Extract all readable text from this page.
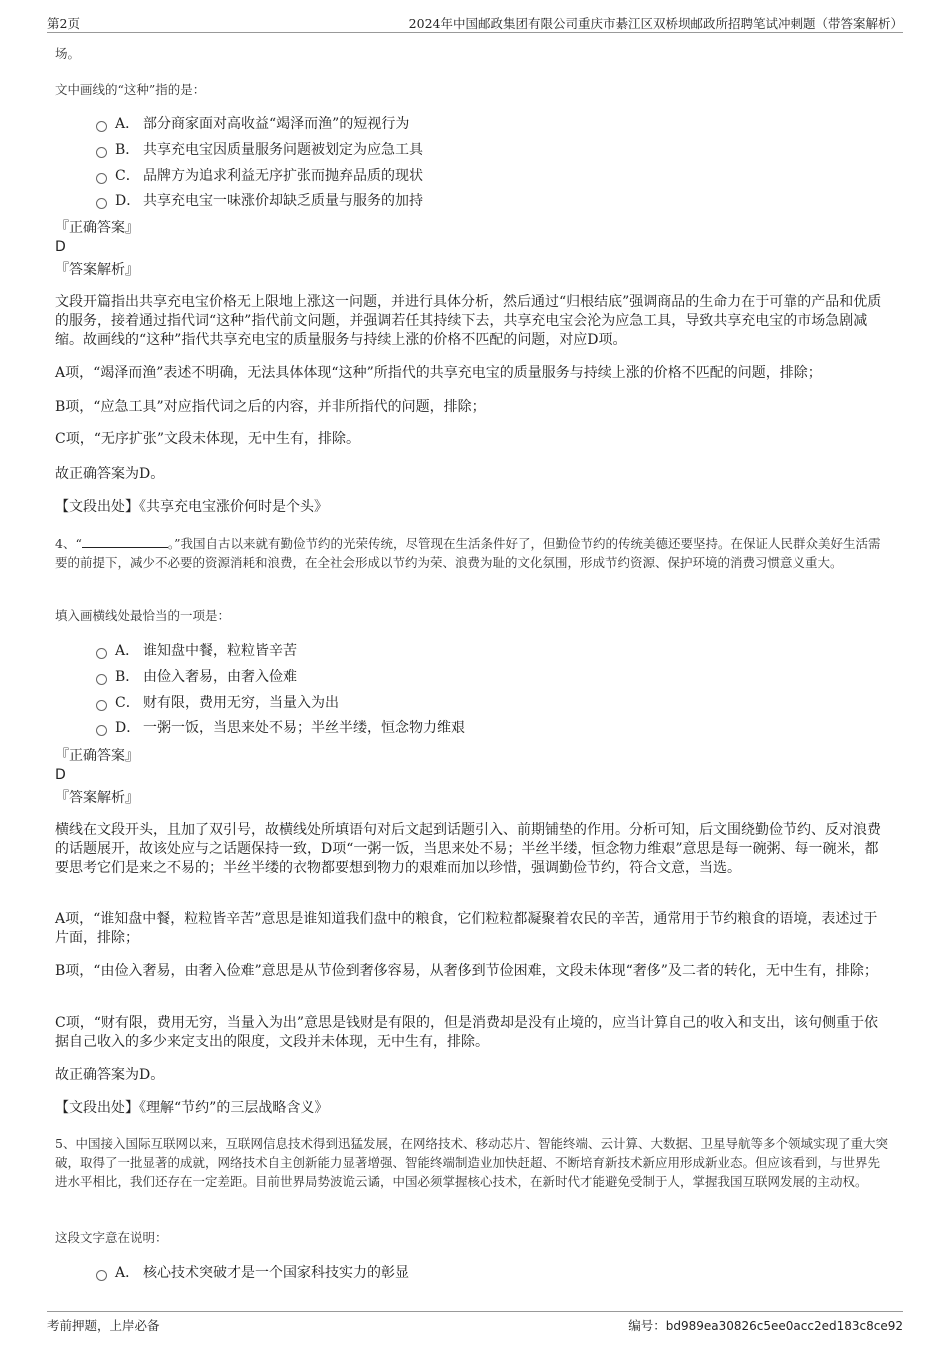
第2页	2024年中国邮政集团有限公司重庆市綦江区双桥坝邮政所招聘笔试冲刺题（带答案解析）

场。

文中画线的“这种”指的是：

A． 部分商家面对高收益“竭泽而渔”的短视行为
B． 共享充电宝因质量服务问题被划定为应急工具
C． 品牌方为追求利益无序扩张而抛弃品质的现状
D． 共享充电宝一味涨价却缺乏质量与服务的加持

『正确答案』

D

『答案解析』

文段开篇指出共享充电宝价格无上限地上涨这一问题，并进行具体分析，然后通过“归根结底”强调商品的生命力在于可靠的产品和优质的服务，接着通过指代词“这种”指代前文问题，并强调若任其持续下去，共享充电宝会沦为应急工具，导致共享充电宝的市场急剧减缩。故画线的“这种”指代共享充电宝的质量服务与持续上涨的价格不匹配的问题，对应D项。

A项，“竭泽而渔”表述不明确，无法具体体现“这种”所指代的共享充电宝的质量服务与持续上涨的价格不匹配的问题，排除；

B项，“应急工具”对应指代词之后的内容，并非所指代的问题，排除；

C项，“无序扩张”文段未体现，无中生有，排除。

故正确答案为D。

【文段出处】《共享充电宝涨价何时是个头》

4、“	。”我国自古以来就有勤俭节约的光荣传统，尽管现在生活条件好了，但勤俭节约的传统美德还要坚持。在保证人民群众美好生活需要的前提下，减少不必要的资源消耗和浪费，在全社会形成以节约为荣、浪费为耻的文化氛围，形成节约资源、保护环境的消费习惯意义重大。

填入画横线处最恰当的一项是：

A． 谁知盘中餐，粒粒皆辛苦
B． 由俭入奢易，由奢入俭难
C． 财有限，费用无穷，当量入为出
D． 一粥一饭，当思来处不易；半丝半缕，恒念物力维艰

『正确答案』

D

『答案解析』

横线在文段开头，且加了双引号，故横线处所填语句对后文起到话题引入、前期铺垫的作用。分析可知，后文围绕勤俭节约、反对浪费的话题展开，故该处应与之话题保持一致，D项“一粥一饭，当思来处不易；半丝半缕，恒念物力维艰”意思是每一碗粥、每一碗米，都要思考它们是来之不易的；半丝半缕的衣物都要想到物力的艰难而加以珍惜，强调勤俭节约，符合文意，当选。

A项，“谁知盘中餐，粒粒皆辛苦”意思是谁知道我们盘中的粮食，它们粒粒都凝聚着农民的辛苦，通常用于节约粮食的语境，表述过于片面，排除；

B项，“由俭入奢易，由奢入俭难”意思是从节俭到奢侈容易，从奢侈到节俭困难，文段未体现“奢侈”及二者的转化，无中生有，排除；

C项，“财有限，费用无穷，当量入为出”意思是钱财是有限的，但是消费却是没有止境的，应当计算自己的收入和支出，该句侧重于依据自己收入的多少来定支出的限度，文段并未体现，无中生有，排除。

故正确答案为D。

【文段出处】《理解“节约”的三层战略含义》

5、中国接入国际互联网以来，互联网信息技术得到迅猛发展，在网络技术、移动芯片、智能终端、云计算、大数据、卫星导航等多个领域实现了重大突破，取得了一批显著的成就，网络技术自主创新能力显著增强、智能终端制造业加快赶超、不断培育新技术新应用形成新业态。但应该看到，与世界先进水平相比，我们还存在一定差距。目前世界局势波诡云谲，中国必须掌握核心技术，在新时代才能避免受制于人，掌握我国互联网发展的主动权。

这段文字意在说明：

A． 核心技术突破才是一个国家科技实力的彰显
考前押题，上岸必备	编号：bd989ea30826c5ee0acc2ed183c8ce92
